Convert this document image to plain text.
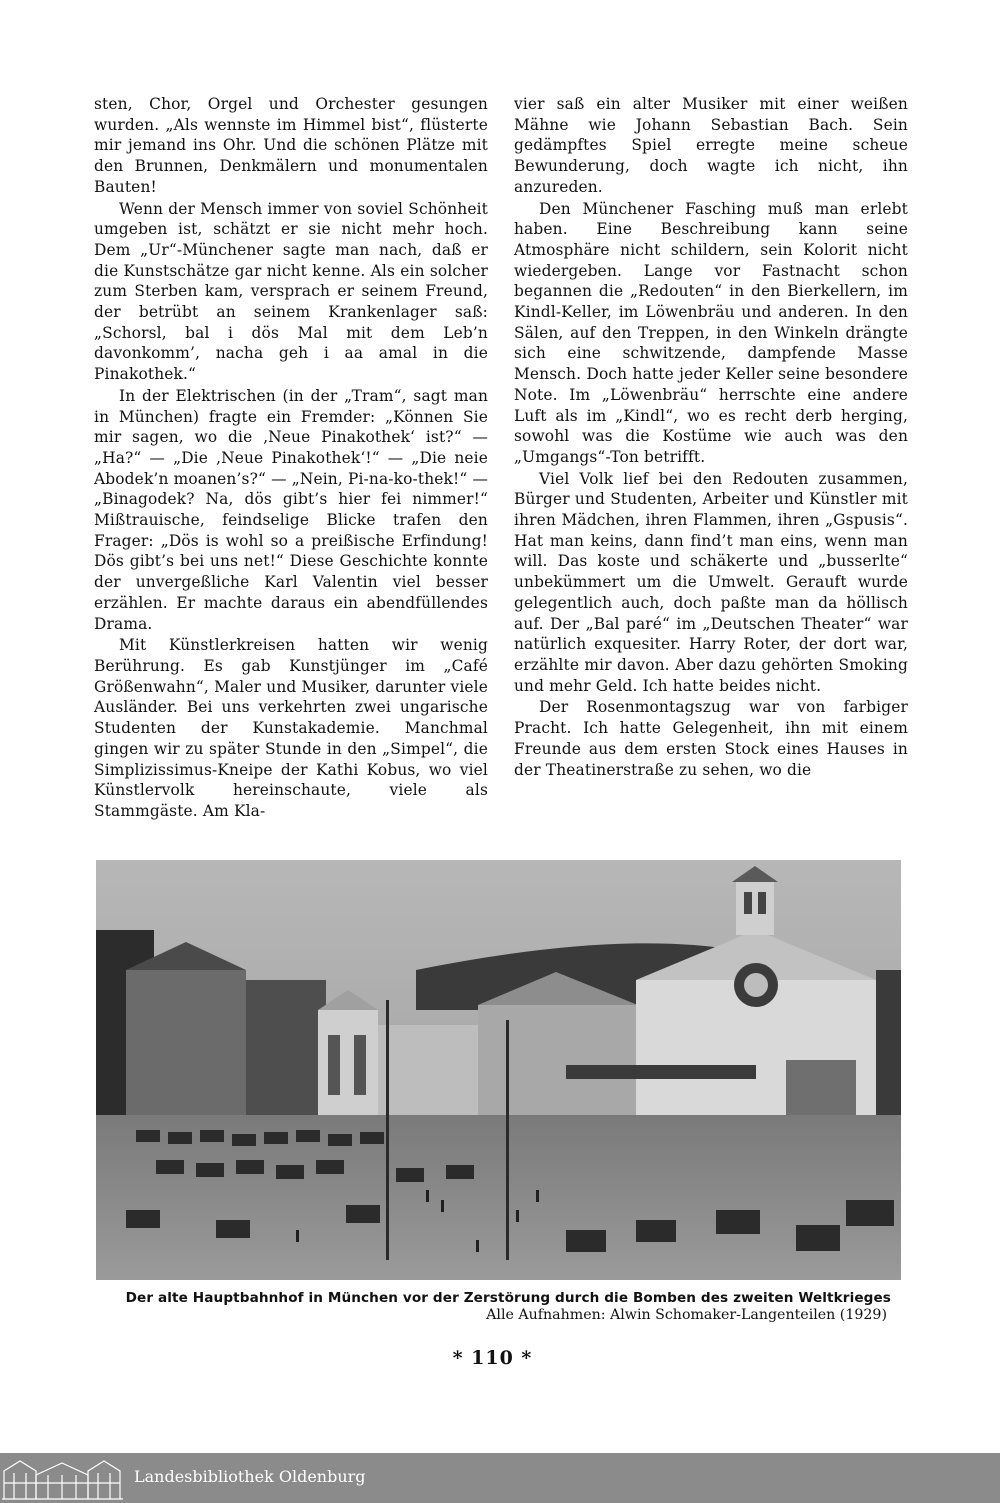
sten, Chor, Orgel und Orchester gesungen wurden. „Als wennste im Himmel bist“, flüsterte mir jemand ins Ohr. Und die schönen Plätze mit den Brunnen, Denkmälern und monumentalen Bauten!

Wenn der Mensch immer von soviel Schönheit umgeben ist, schätzt er sie nicht mehr hoch. Dem „Ur“-Münchener sagte man nach, daß er die Kunstschätze gar nicht kenne. Als ein solcher zum Sterben kam, versprach er seinem Freund, der betrübt an seinem Krankenlager saß: „Schorsl, bal i dös Mal mit dem Leb’n davonkomm’, nacha geh i aa amal in die Pinakothek.“

In der Elektrischen (in der „Tram“, sagt man in München) fragte ein Fremder: „Können Sie mir sagen, wo die ‚Neue Pinakothek‘ ist?“ — „Ha?“ — „Die ‚Neue Pinakothek‘!“ — „Die neie Abodek’n moanen’s?“ — „Nein, Pi-na-ko-thek!“ — „Binagodek? Na, dös gibt’s hier fei nimmer!“ Mißtrauische, feindselige Blicke trafen den Frager: „Dös is wohl so a preißische Erfindung! Dös gibt’s bei uns net!“ Diese Geschichte konnte der unvergeßliche Karl Valentin viel besser erzählen. Er machte daraus ein abendfüllendes Drama.

Mit Künstlerkreisen hatten wir wenig Berührung. Es gab Kunstjünger im „Café Größenwahn“, Maler und Musiker, darunter viele Ausländer. Bei uns verkehrten zwei ungarische Studenten der Kunstakademie. Manchmal gingen wir zu später Stunde in den „Simpel“, die Simplizissimus-Kneipe der Kathi Kobus, wo viel Künstlervolk hereinschaute, viele als Stammgäste. Am Kla-

vier saß ein alter Musiker mit einer weißen Mähne wie Johann Sebastian Bach. Sein gedämpftes Spiel erregte meine scheue Bewunderung, doch wagte ich nicht, ihn anzureden.

Den Münchener Fasching muß man erlebt haben. Eine Beschreibung kann seine Atmosphäre nicht schildern, sein Kolorit nicht wiedergeben. Lange vor Fastnacht schon begannen die „Redouten“ in den Bierkellern, im Kindl-Keller, im Löwenbräu und anderen. In den Sälen, auf den Treppen, in den Winkeln drängte sich eine schwitzende, dampfende Masse Mensch. Doch hatte jeder Keller seine besondere Note. Im „Löwenbräu“ herrschte eine andere Luft als im „Kindl“, wo es recht derb herging, sowohl was die Kostüme wie auch was den „Umgangs“-Ton betrifft.

Viel Volk lief bei den Redouten zusammen, Bürger und Studenten, Arbeiter und Künstler mit ihren Mädchen, ihren Flammen, ihren „Gspusis“. Hat man keins, dann find’t man eins, wenn man will. Das koste und schäkerte und „busserlte“ unbekümmert um die Umwelt. Gerauft wurde gelegentlich auch, doch paßte man da höllisch auf. Der „Bal paré“ im „Deutschen Theater“ war natürlich exquesiter. Harry Roter, der dort war, erzählte mir davon. Aber dazu gehörten Smoking und mehr Geld. Ich hatte beides nicht.

Der Rosenmontagszug war von farbiger Pracht. Ich hatte Gelegenheit, ihn mit einem Freunde aus dem ersten Stock eines Hauses in der Theatinerstraße zu sehen, wo die

Der alte Hauptbahnhof in München vor der Zerstörung durch die Bomben des zweiten Weltkrieges
Alle Aufnahmen: Alwin Schomaker-Langenteilen (1929)
* 110 *
Landesbibliothek Oldenburg
